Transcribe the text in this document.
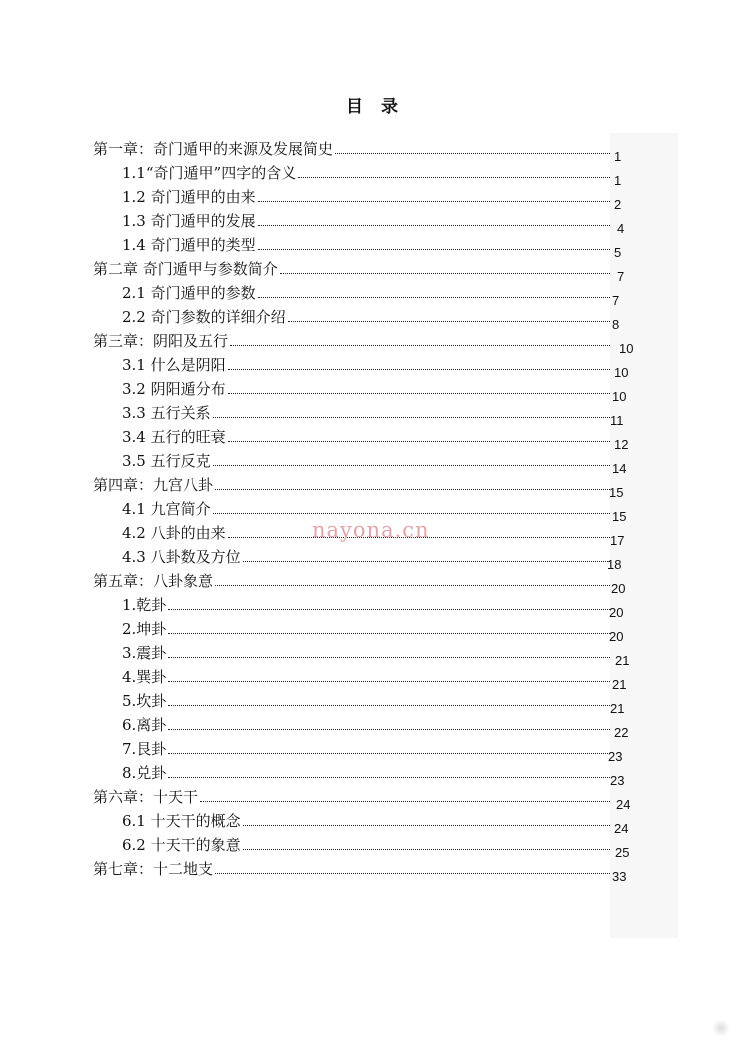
目 录
第一章：奇门遁甲的来源及发展简史	1
1.1“奇门遁甲”四字的含义	1
1.2 奇门遁甲的由来	2
1.3 奇门遁甲的发展	4
1.4 奇门遁甲的类型	5
第二章 奇门遁甲与参数简介	7
2.1 奇门遁甲的参数	7
2.2 奇门参数的详细介绍	8
第三章：阴阳及五行	10
3.1 什么是阴阳	10
3.2 阴阳遁分布	10
3.3 五行关系	11
3.4 五行的旺衰	12
3.5 五行反克	14
第四章：九宫八卦	15
4.1 九宫简介	15
4.2 八卦的由来	17
4.3 八卦数及方位	18
第五章：八卦象意	20
1.乾卦	20
2.坤卦	20
3.震卦	21
4.巽卦	21
5.坎卦	21
6.离卦	22
7.艮卦	23
8.兑卦	23
第六章：十天干	24
6.1 十天干的概念	24
6.2 十天干的象意	25
第七章：十二地支	33
nayona.cn
